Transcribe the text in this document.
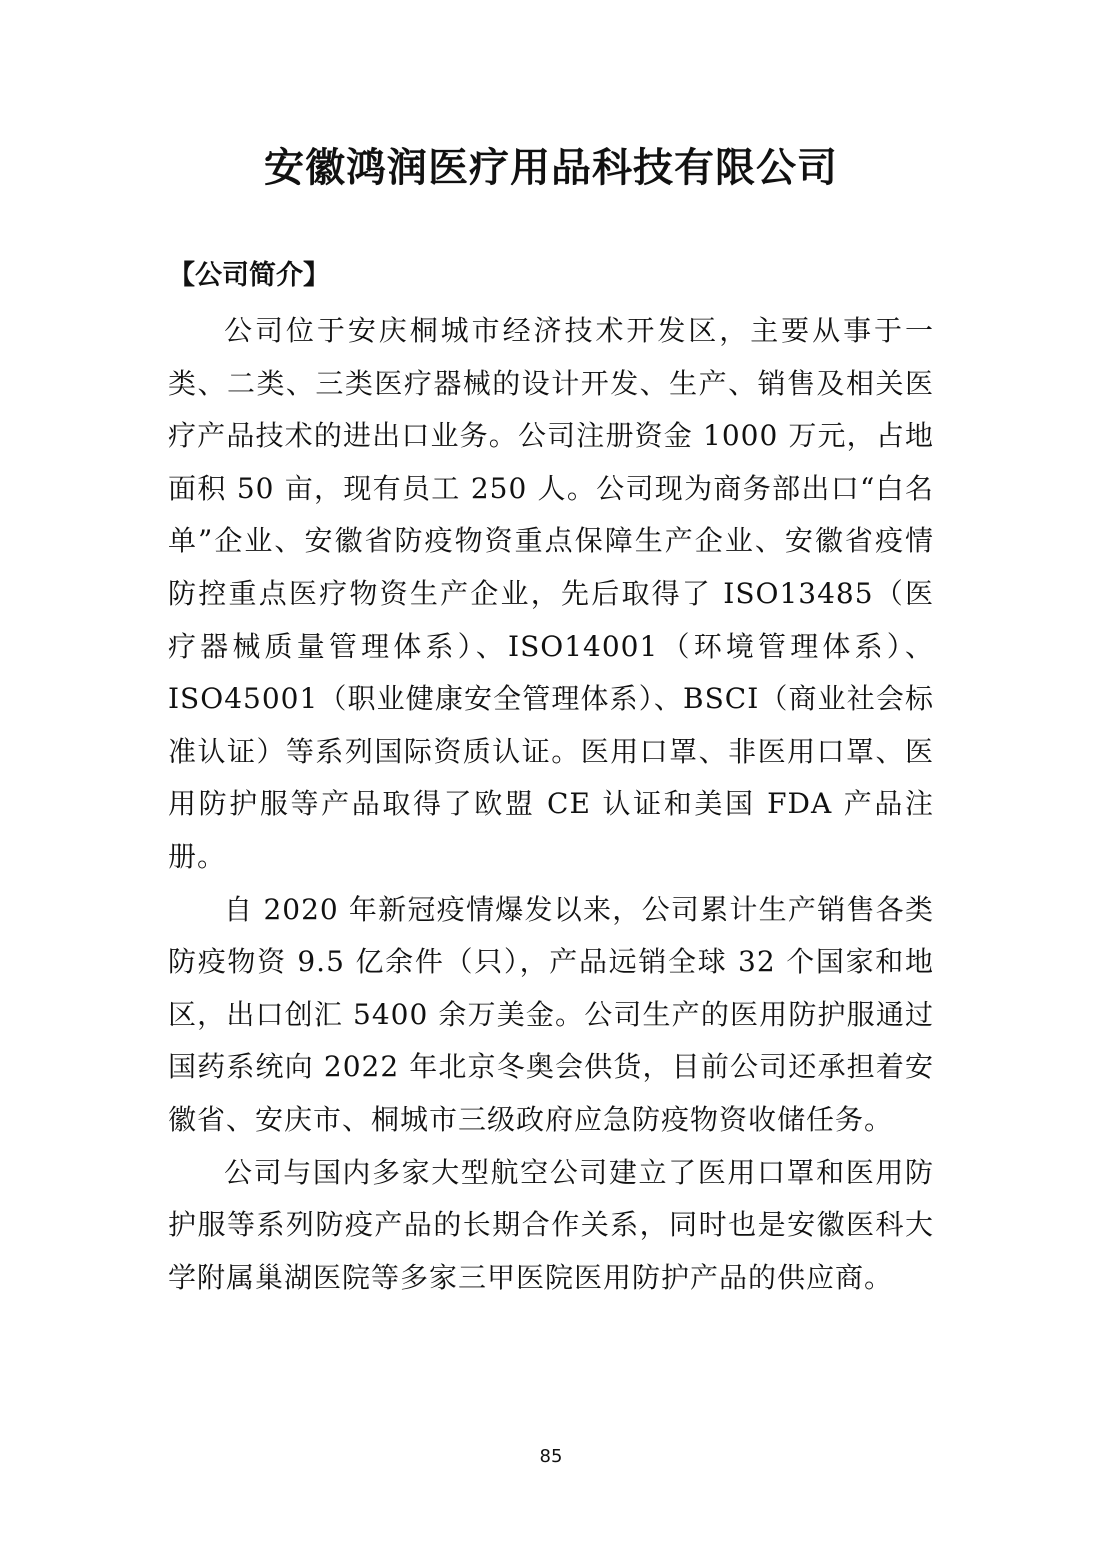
安徽鸿润医疗用品科技有限公司
【公司简介】

公司位于安庆桐城市经济技术开发区，主要从事于一类、二类、三类医疗器械的设计开发、生产、销售及相关医疗产品技术的进出口业务。公司注册资金 1000 万元，占地面积 50 亩，现有员工 250 人。公司现为商务部出口“白名单”企业、安徽省防疫物资重点保障生产企业、安徽省疫情防控重点医疗物资生产企业，先后取得了 ISO13485（医疗器械质量管理体系）、ISO14001（环境管理体系）、ISO45001（职业健康安全管理体系）、BSCI（商业社会标准认证）等系列国际资质认证。医用口罩、非医用口罩、医用防护服等产品取得了欧盟 CE 认证和美国 FDA 产品注册。

自 2020 年新冠疫情爆发以来，公司累计生产销售各类防疫物资 9.5 亿余件（只），产品远销全球 32 个国家和地区，出口创汇 5400 余万美金。公司生产的医用防护服通过国药系统向 2022 年北京冬奥会供货，目前公司还承担着安徽省、安庆市、桐城市三级政府应急防疫物资收储任务。

公司与国内多家大型航空公司建立了医用口罩和医用防护服等系列防疫产品的长期合作关系，同时也是安徽医科大学附属巢湖医院等多家三甲医院医用防护产品的供应商。

85
